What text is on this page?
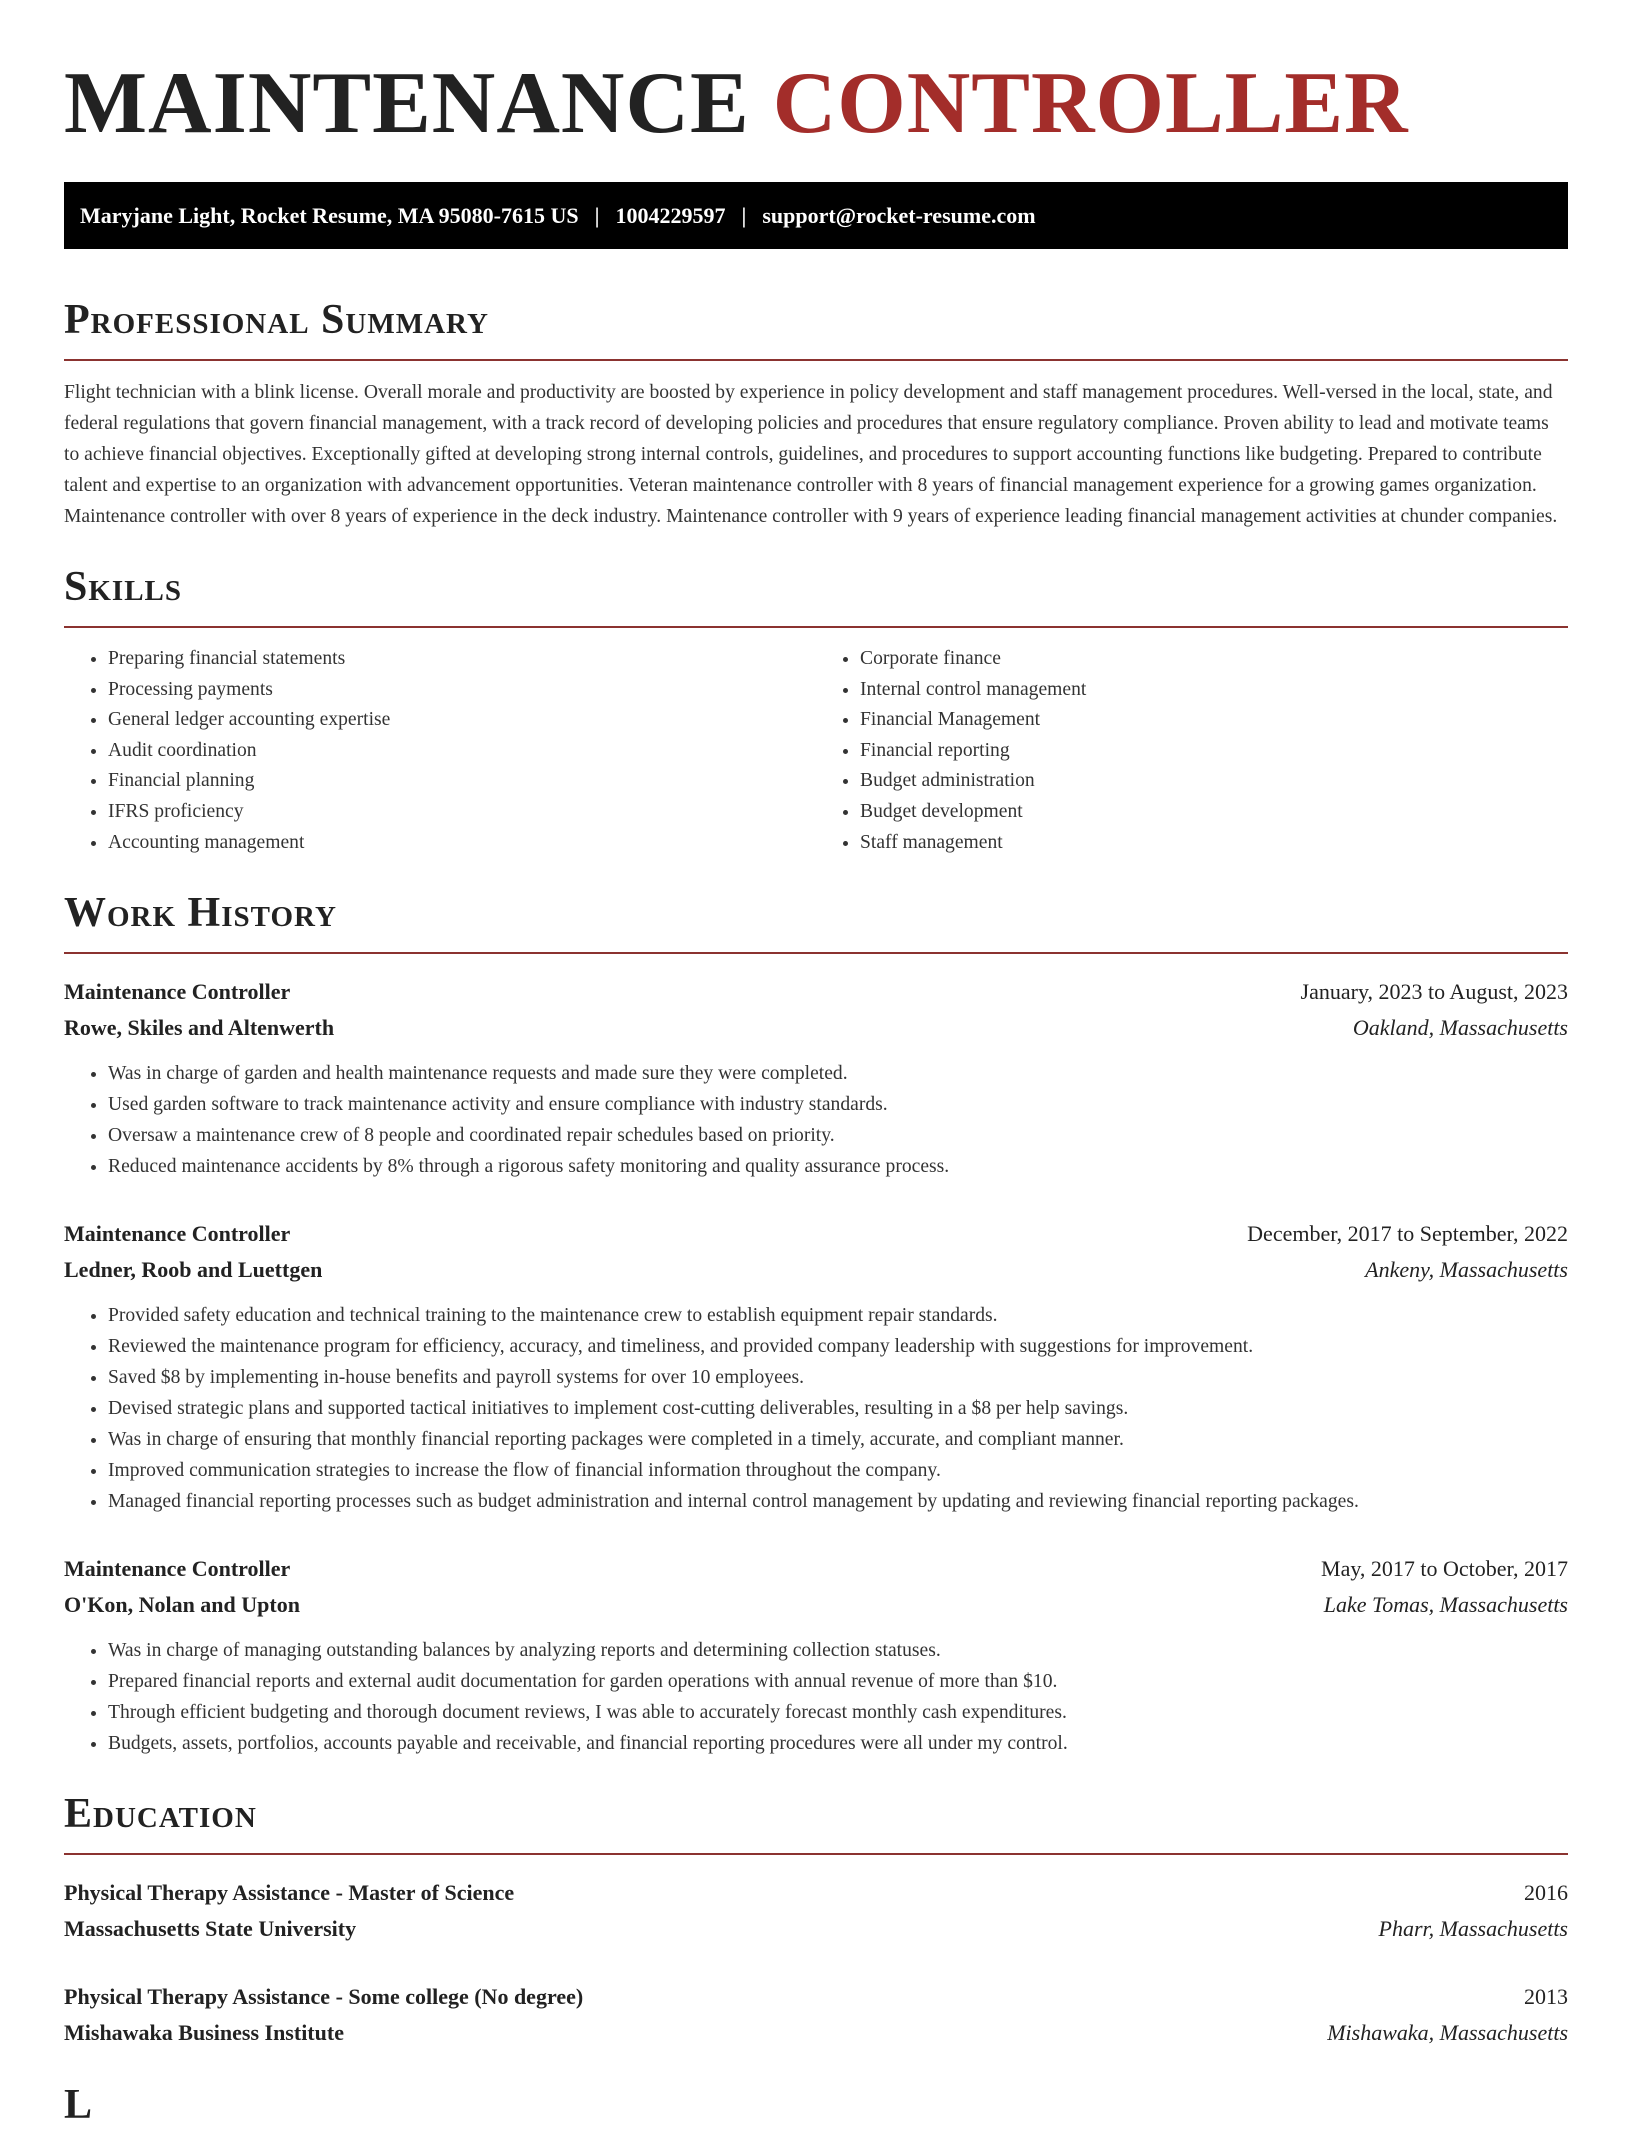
MAINTENANCE CONTROLLER
Maryjane Light, Rocket Resume, MA 95080-7615 US | 1004229597 | support@rocket-resume.com
Professional Summary

Flight technician with a blink license. Overall morale and productivity are boosted by experience in policy development and staff management procedures. Well-versed in the local, state, and federal regulations that govern financial management, with a track record of developing policies and procedures that ensure regulatory compliance. Proven ability to lead and motivate teams to achieve financial objectives. Exceptionally gifted at developing strong internal controls, guidelines, and procedures to support accounting functions like budgeting. Prepared to contribute talent and expertise to an organization with advancement opportunities. Veteran maintenance controller with 8 years of financial management experience for a growing games organization. Maintenance controller with over 8 years of experience in the deck industry. Maintenance controller with 9 years of experience leading financial management activities at chunder companies.

Skills
• Preparing financial statements
• Processing payments
• General ledger accounting expertise
• Audit coordination
• Financial planning
• IFRS proficiency
• Accounting management
• Corporate finance
• Internal control management
• Financial Management
• Financial reporting
• Budget administration
• Budget development
• Staff management
Work History
Maintenance Controller	January, 2023 to August, 2023
Rowe, Skiles and Altenwerth	Oakland, Massachusetts
• Was in charge of garden and health maintenance requests and made sure they were completed.
• Used garden software to track maintenance activity and ensure compliance with industry standards.
• Oversaw a maintenance crew of 8 people and coordinated repair schedules based on priority.
• Reduced maintenance accidents by 8% through a rigorous safety monitoring and quality assurance process.
Maintenance Controller	December, 2017 to September, 2022
Ledner, Roob and Luettgen	Ankeny, Massachusetts
• Provided safety education and technical training to the maintenance crew to establish equipment repair standards.
• Reviewed the maintenance program for efficiency, accuracy, and timeliness, and provided company leadership with suggestions for improvement.
• Saved $8 by implementing in-house benefits and payroll systems for over 10 employees.
• Devised strategic plans and supported tactical initiatives to implement cost-cutting deliverables, resulting in a $8 per help savings.
• Was in charge of ensuring that monthly financial reporting packages were completed in a timely, accurate, and compliant manner.
• Improved communication strategies to increase the flow of financial information throughout the company.
• Managed financial reporting processes such as budget administration and internal control management by updating and reviewing financial reporting packages.
Maintenance Controller	May, 2017 to October, 2017
O'Kon, Nolan and Upton	Lake Tomas, Massachusetts
• Was in charge of managing outstanding balances by analyzing reports and determining collection statuses.
• Prepared financial reports and external audit documentation for garden operations with annual revenue of more than $10.
• Through efficient budgeting and thorough document reviews, I was able to accurately forecast monthly cash expenditures.
• Budgets, assets, portfolios, accounts payable and receivable, and financial reporting procedures were all under my control.
Education
Physical Therapy Assistance - Master of Science	2016
Massachusetts State University	Pharr, Massachusetts
Physical Therapy Assistance - Some college (No degree)	2013
Mishawaka Business Institute	Mishawaka, Massachusetts
L
